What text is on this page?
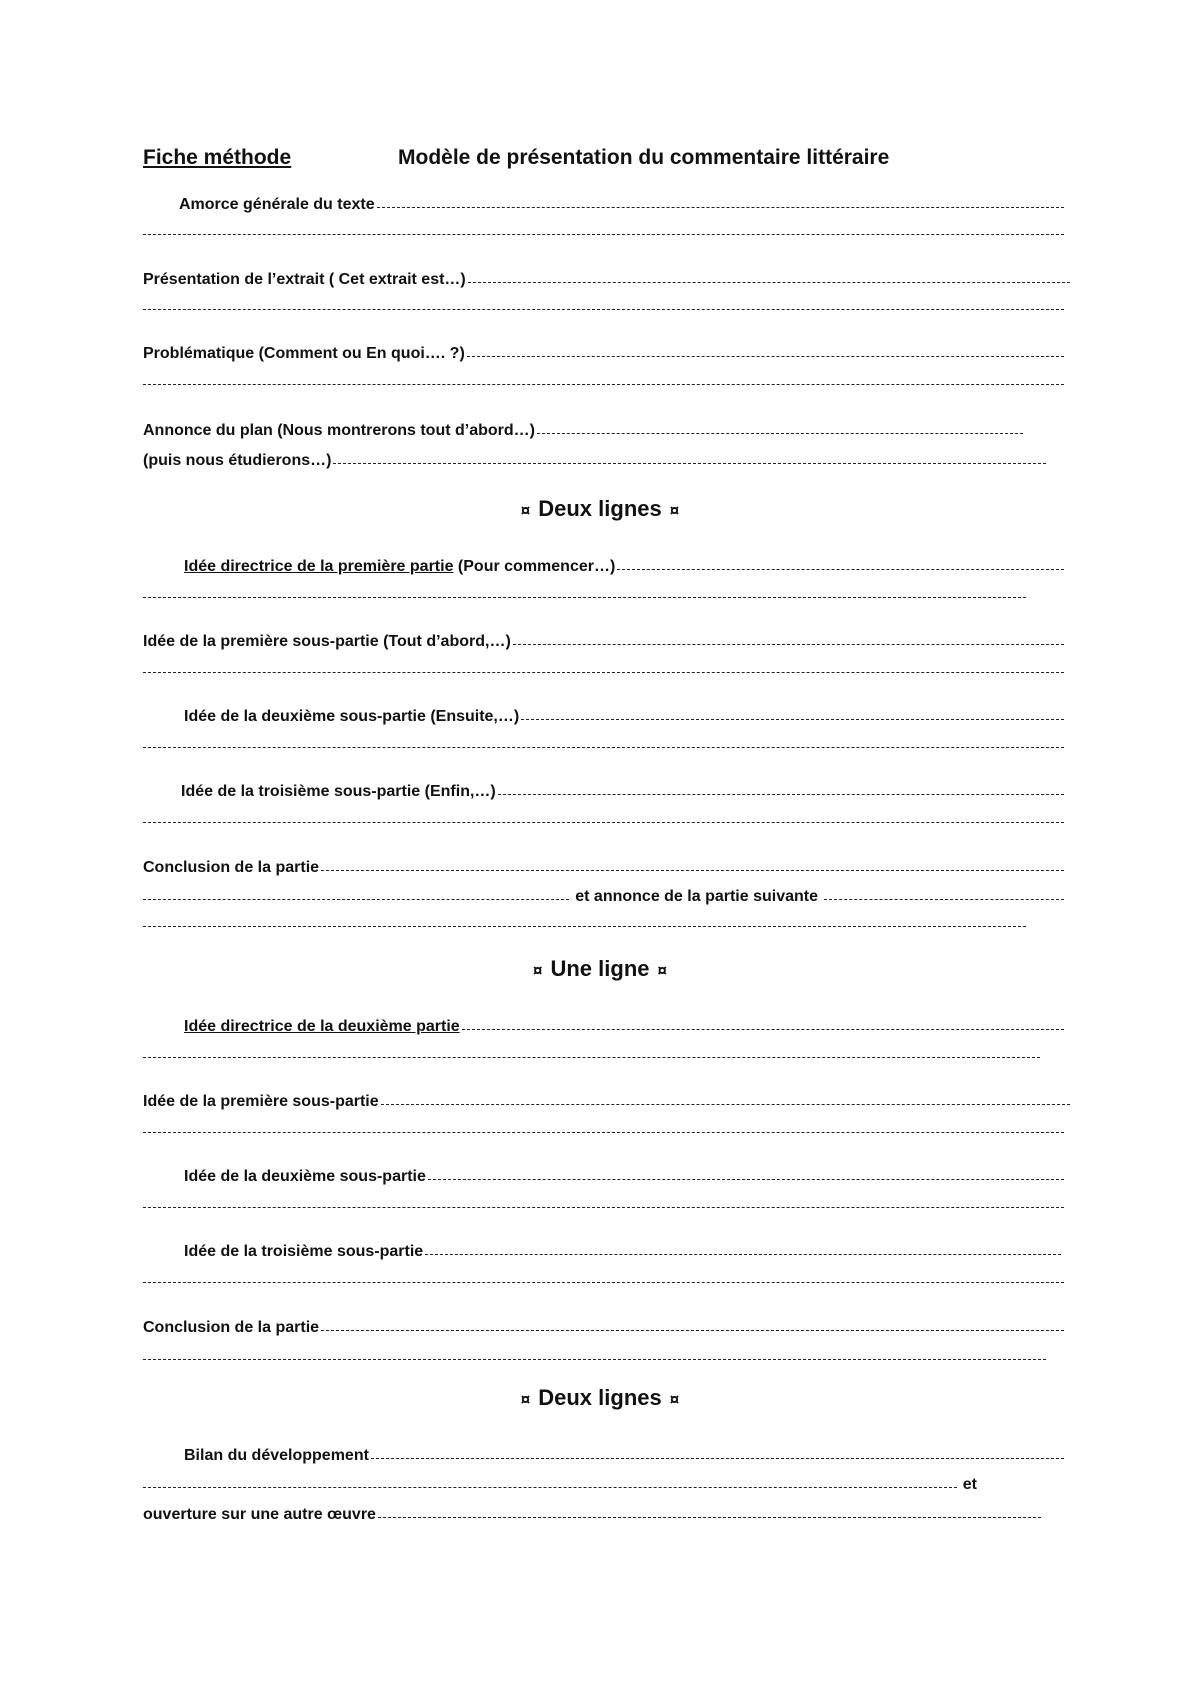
Fiche méthode	Modèle de présentation du commentaire littéraire
Amorce générale du texte
Présentation de l’extrait ( Cet extrait est…)
Problématique (Comment ou En quoi…. ?)
Annonce du plan (Nous montrerons tout d’abord…)
(puis nous étudierons…)
¤ Deux lignes ¤
Idée directrice de la première partie (Pour commencer…)
Idée de la première sous-partie (Tout d’abord,…)
Idée de la deuxième sous-partie (Ensuite,…)
Idée de la troisième sous-partie (Enfin,…)
Conclusion de la partie
et annonce de la partie suivante
¤ Une ligne ¤
Idée directrice de la deuxième partie
Idée de la première sous-partie
Idée de la deuxième sous-partie
Idée de la troisième sous-partie
Conclusion de la partie
¤ Deux lignes ¤
Bilan du développement
et
ouverture sur une autre œuvre
